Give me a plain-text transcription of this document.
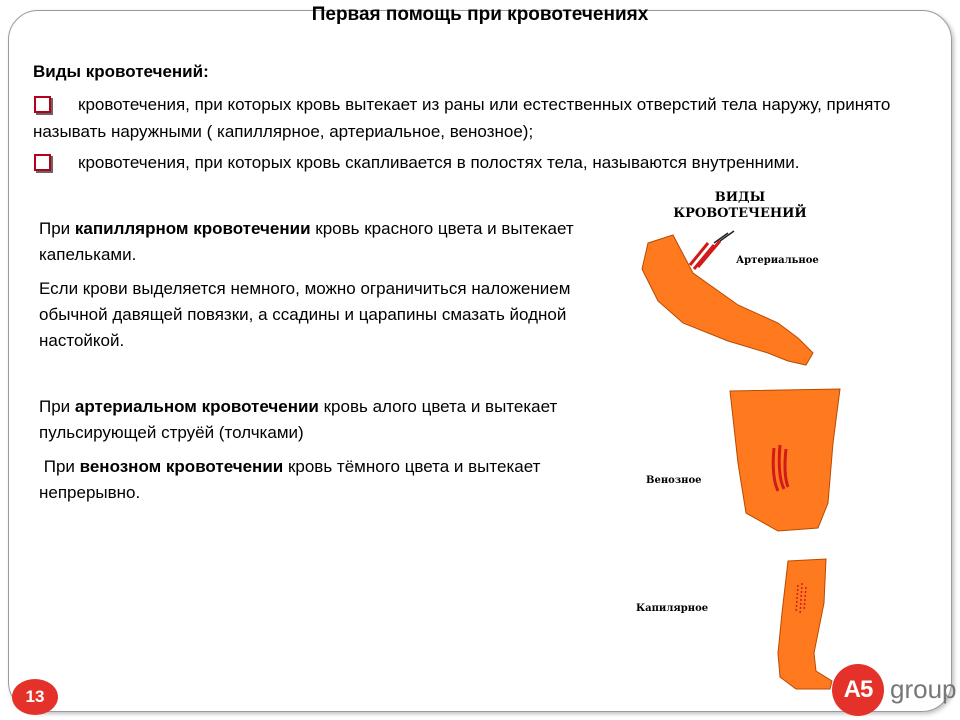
Первая помощь при кровотечениях
Виды кровотечений:
кровотечения, при которых кровь вытекает из раны или естественных отверстий тела наружу, принято называть наружными ( капиллярное, артериальное, венозное);
кровотечения, при которых кровь скапливается в полостях тела, называются внутренними.
При капиллярном кровотечении кровь красного цвета и вытекает капельками.
Если крови выделяется немного, можно ограничиться наложением обычной давящей повязки, а ссадины и царапины смазать йодной настойкой.
При артериальном кровотечении кровь алого цвета и вытекает пульсирующей струёй (толчками)
При венозном кровотечении кровь тёмного цвета и вытекает непрерывно.
ВИДЫ
КРОВОТЕЧЕНИЙ
Артериальное
Венозное
Капилярное
13	A5 group
